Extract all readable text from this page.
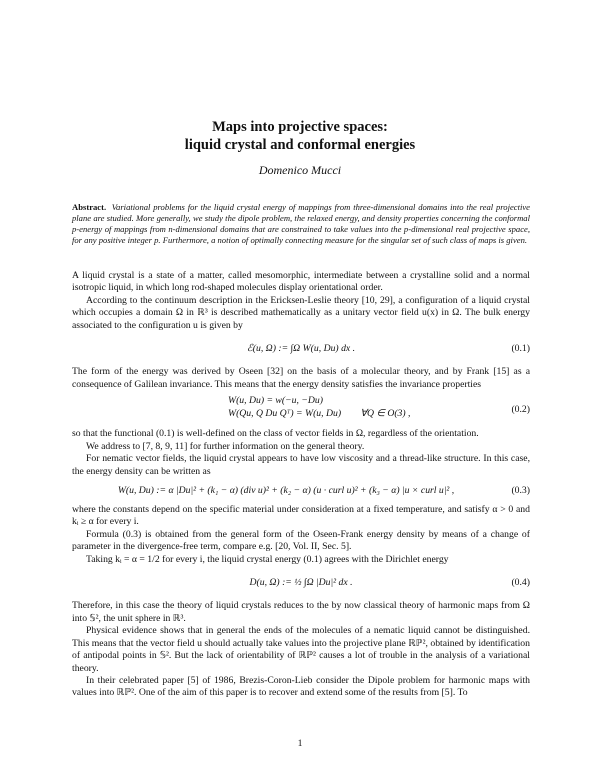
Maps into projective spaces:
liquid crystal and conformal energies
Domenico Mucci
Abstract. Variational problems for the liquid crystal energy of mappings from three-dimensional domains into the real projective plane are studied. More generally, we study the dipole problem, the relaxed energy, and density properties concerning the conformal p-energy of mappings from n-dimensional domains that are constrained to take values into the p-dimensional real projective space, for any positive integer p. Furthermore, a notion of optimally connecting measure for the singular set of such class of maps is given.

A liquid crystal is a state of a matter, called mesomorphic, intermediate between a crystalline solid and a normal isotropic liquid, in which long rod-shaped molecules display orientational order.

According to the continuum description in the Ericksen-Leslie theory [10, 29], a configuration of a liquid crystal which occupies a domain Ω in ℝ³ is described mathematically as a unitary vector field u(x) in Ω. The bulk energy associated to the configuration u is given by

ℰ(u, Ω) := ∫Ω W(u, Du) dx .	(0.1)

The form of the energy was derived by Oseen [32] on the basis of a molecular theory, and by Frank [15] as a consequence of Galilean invariance. This means that the energy density satisfies the invariance properties

W(u, Du) = w(−u, −Du)
W(Qu, Q Du Qᵀ) = W(u, Du)        ∀Q ∈ O(3) ,	(0.2)

so that the functional (0.1) is well-defined on the class of vector fields in Ω, regardless of the orientation.

We address to [7, 8, 9, 11] for further information on the general theory.

For nematic vector fields, the liquid crystal appears to have low viscosity and a thread-like structure. In this case, the energy density can be written as

W(u, Du) := α |Du|² + (k₁ − α) (div u)² + (k₂ − α) (u · curl u)² + (k₃ − α) |u × curl u|² ,	(0.3)

where the constants depend on the specific material under consideration at a fixed temperature, and satisfy α > 0 and kᵢ ≥ α for every i.

Formula (0.3) is obtained from the general form of the Oseen-Frank energy density by means of a change of parameter in the divergence-free term, compare e.g. [20, Vol. II, Sec. 5].

Taking kᵢ = α = 1/2 for every i, the liquid crystal energy (0.1) agrees with the Dirichlet energy

D(u, Ω) := ½ ∫Ω |Du|² dx .	(0.4)

Therefore, in this case the theory of liquid crystals reduces to the by now classical theory of harmonic maps from Ω into 𝕊², the unit sphere in ℝ³.

Physical evidence shows that in general the ends of the molecules of a nematic liquid cannot be distinguished. This means that the vector field u should actually take values into the projective plane ℝℙ², obtained by identification of antipodal points in 𝕊². But the lack of orientability of ℝℙ² causes a lot of trouble in the analysis of a variational theory.

In their celebrated paper [5] of 1986, Brezis-Coron-Lieb consider the Dipole problem for harmonic maps with values into ℝℙ². One of the aim of this paper is to recover and extend some of the results from [5]. To

1
